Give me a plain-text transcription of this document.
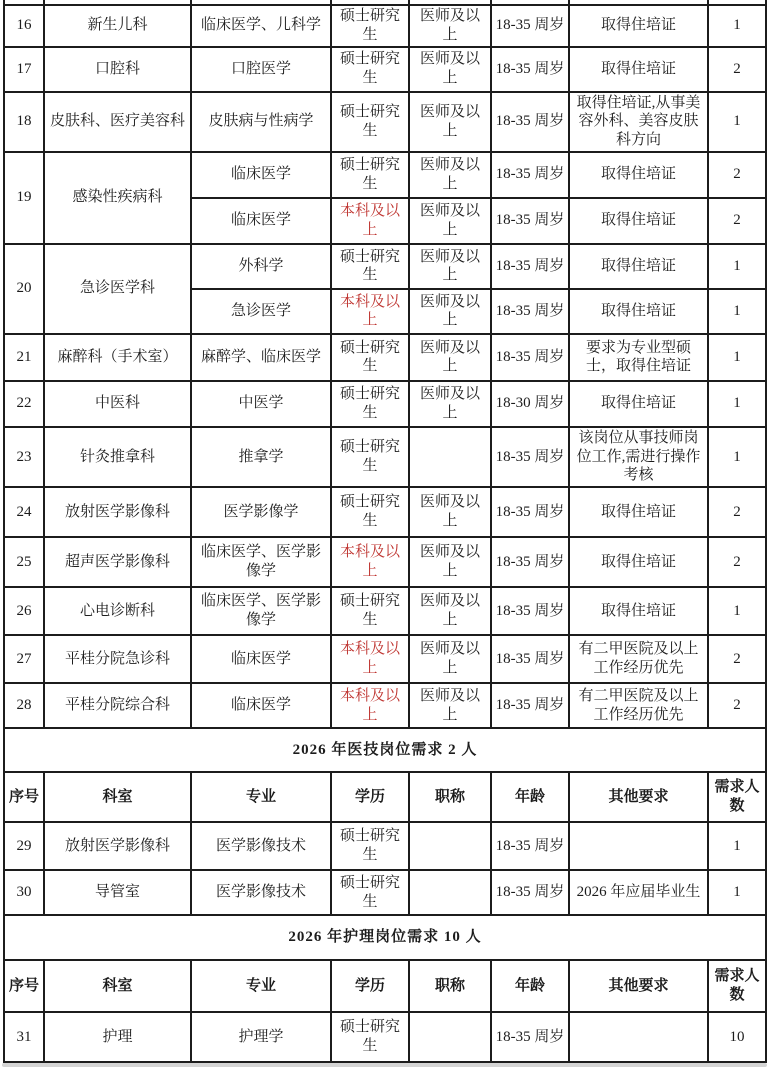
16	新生儿科	临床医学、儿科学	硕士研究生	医师及以上	18-35 周岁	取得住培证	1
17	口腔科	口腔医学	硕士研究生	医师及以上	18-35 周岁	取得住培证	2
18	皮肤科、医疗美容科	皮肤病与性病学	硕士研究生	医师及以上	18-35 周岁	取得住培证,从事美容外科、美容皮肤科方向	1
19	感染性疾病科	临床医学	硕士研究生	医师及以上	18-35 周岁	取得住培证	2
		临床医学	本科及以上	医师及以上	18-35 周岁	取得住培证	2
20	急诊医学科	外科学	硕士研究生	医师及以上	18-35 周岁	取得住培证	1
		急诊医学	本科及以上	医师及以上	18-35 周岁	取得住培证	1
21	麻醉科（手术室）	麻醉学、临床医学	硕士研究生	医师及以上	18-35 周岁	要求为专业型硕士，取得住培证	1
22	中医科	中医学	硕士研究生	医师及以上	18-30 周岁	取得住培证	1
23	针灸推拿科	推拿学	硕士研究生		18-35 周岁	该岗位从事技师岗位工作,需进行操作考核	1
24	放射医学影像科	医学影像学	硕士研究生	医师及以上	18-35 周岁	取得住培证	2
25	超声医学影像科	临床医学、医学影像学	本科及以上	医师及以上	18-35 周岁	取得住培证	2
26	心电诊断科	临床医学、医学影像学	硕士研究生	医师及以上	18-35 周岁	取得住培证	1
27	平桂分院急诊科	临床医学	本科及以上	医师及以上	18-35 周岁	有二甲医院及以上工作经历优先	2
28	平桂分院综合科	临床医学	本科及以上	医师及以上	18-35 周岁	有二甲医院及以上工作经历优先	2
2026 年医技岗位需求 2 人							
序号	科室	专业	学历	职称	年龄	其他要求	需求人数
29	放射医学影像科	医学影像技术	硕士研究生		18-35 周岁		1
30	导管室	医学影像技术	硕士研究生		18-35 周岁	2026 年应届毕业生	1
2026 年护理岗位需求 10 人							
序号	科室	专业	学历	职称	年龄	其他要求	需求人数
31	护理	护理学	硕士研究生		18-35 周岁		10
